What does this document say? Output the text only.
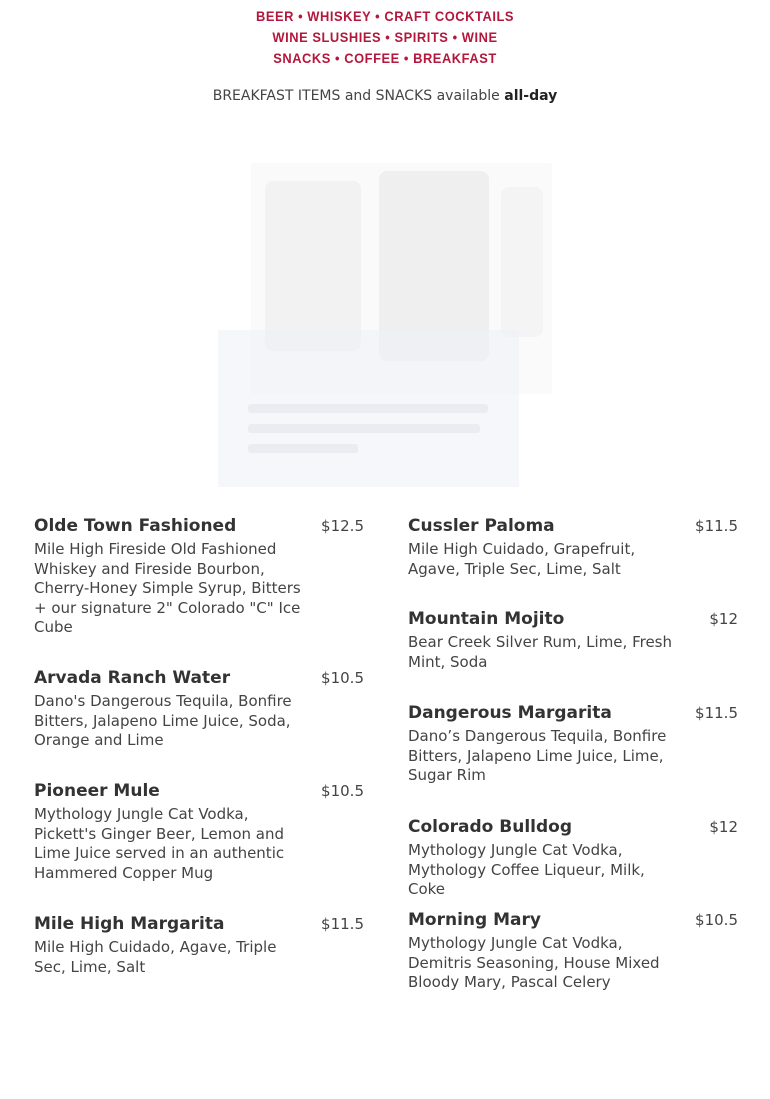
BEER • WHISKEY • CRAFT COCKTAILS
WINE SLUSHIES • SPIRITS • WINE
SNACKS • COFFEE • BREAKFAST
BREAKFAST ITEMS and SNACKS available all-day
Olde Town Fashioned	$12.5
Mile High Fireside Old Fashioned Whiskey and Fireside Bourbon, Cherry-Honey Simple Syrup, Bitters + our signature 2" Colorado "C" Ice Cube
Arvada Ranch Water	$10.5
Dano's Dangerous Tequila, Bonfire Bitters, Jalapeno Lime Juice, Soda, Orange and Lime
Pioneer Mule	$10.5
Mythology Jungle Cat Vodka, Pickett's Ginger Beer, Lemon and Lime Juice served in an authentic Hammered Copper Mug
Mile High Margarita	$11.5
Mile High Cuidado, Agave, Triple Sec, Lime, Salt
Cussler Paloma	$11.5
Mile High Cuidado, Grapefruit, Agave, Triple Sec, Lime, Salt
Mountain Mojito	$12
Bear Creek Silver Rum, Lime, Fresh Mint, Soda
Dangerous Margarita	$11.5
Dano’s Dangerous Tequila, Bonfire Bitters, Jalapeno Lime Juice, Lime, Sugar Rim
Colorado Bulldog	$12
Mythology Jungle Cat Vodka, Mythology Coffee Liqueur, Milk, Coke
Morning Mary	$10.5
Mythology Jungle Cat Vodka, Demitris Seasoning, House Mixed Bloody Mary, Pascal Celery
